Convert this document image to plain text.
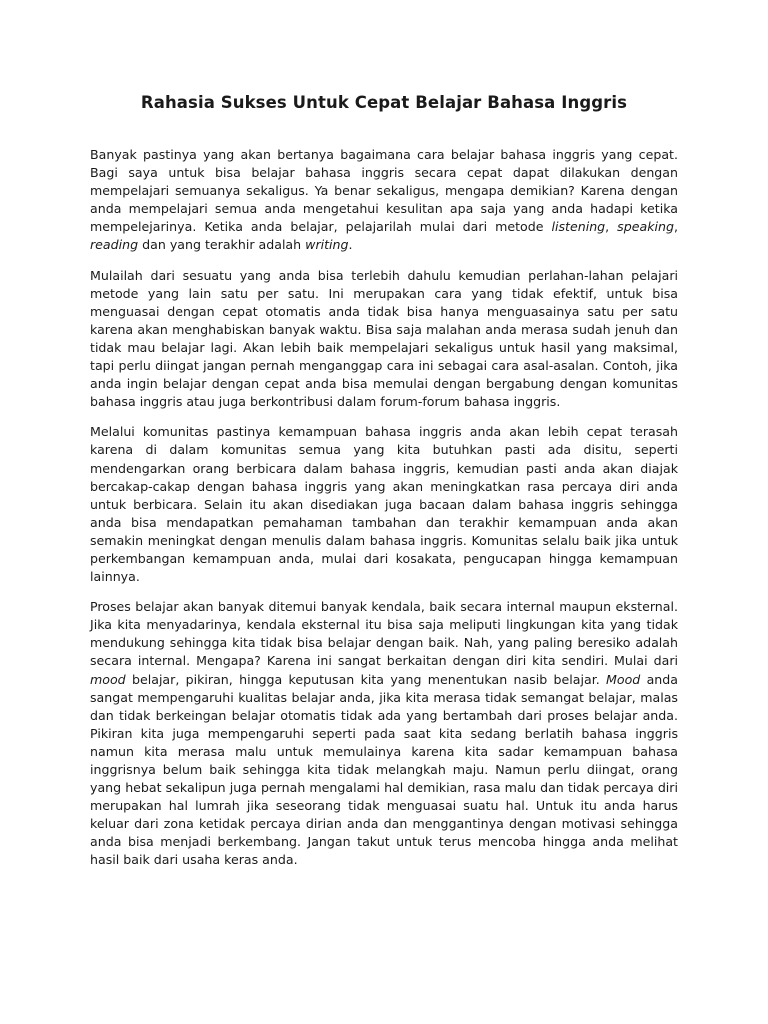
Rahasia Sukses Untuk Cepat Belajar Bahasa Inggris

Banyak pastinya yang akan bertanya bagaimana cara belajar bahasa inggris yang cepat. Bagi saya untuk bisa belajar bahasa inggris secara cepat dapat dilakukan dengan mempelajari semuanya sekaligus. Ya benar sekaligus, mengapa demikian? Karena dengan anda mempelajari semua anda mengetahui kesulitan apa saja yang anda hadapi ketika mempelejarinya. Ketika anda belajar, pelajarilah mulai dari metode listening, speaking, reading dan yang terakhir adalah writing.

Mulailah dari sesuatu yang anda bisa terlebih dahulu kemudian perlahan-lahan pelajari metode yang lain satu per satu. Ini merupakan cara yang tidak efektif, untuk bisa menguasai dengan cepat otomatis anda tidak bisa hanya menguasainya satu per satu karena akan menghabiskan banyak waktu. Bisa saja malahan anda merasa sudah jenuh dan tidak mau belajar lagi. Akan lebih baik mempelajari sekaligus untuk hasil yang maksimal, tapi perlu diingat jangan pernah menganggap cara ini sebagai cara asal-asalan. Contoh, jika anda ingin belajar dengan cepat anda bisa memulai dengan bergabung dengan komunitas bahasa inggris atau juga berkontribusi dalam forum-forum bahasa inggris.

Melalui komunitas pastinya kemampuan bahasa inggris anda akan lebih cepat terasah karena di dalam komunitas semua yang kita butuhkan pasti ada disitu, seperti mendengarkan orang berbicara dalam bahasa inggris, kemudian pasti anda akan diajak bercakap-cakap dengan bahasa inggris yang akan meningkatkan rasa percaya diri anda untuk berbicara. Selain itu akan disediakan juga bacaan dalam bahasa inggris sehingga anda bisa mendapatkan pemahaman tambahan dan terakhir kemampuan anda akan semakin meningkat dengan menulis dalam bahasa inggris. Komunitas selalu baik jika untuk perkembangan kemampuan anda, mulai dari kosakata, pengucapan hingga kemampuan lainnya.

Proses belajar akan banyak ditemui banyak kendala, baik secara internal maupun eksternal. Jika kita menyadarinya, kendala eksternal itu bisa saja meliputi lingkungan kita yang tidak mendukung sehingga kita tidak bisa belajar dengan baik. Nah, yang paling beresiko adalah secara internal. Mengapa? Karena ini sangat berkaitan dengan diri kita sendiri. Mulai dari mood belajar, pikiran, hingga keputusan kita yang menentukan nasib belajar. Mood anda sangat mempengaruhi kualitas belajar anda, jika kita merasa tidak semangat belajar, malas dan tidak berkeingan belajar otomatis tidak ada yang bertambah dari proses belajar anda. Pikiran kita juga mempengaruhi seperti pada saat kita sedang berlatih bahasa inggris namun kita merasa malu untuk memulainya karena kita sadar kemampuan bahasa inggrisnya belum baik sehingga kita tidak melangkah maju. Namun perlu diingat, orang yang hebat sekalipun juga pernah mengalami hal demikian, rasa malu dan tidak percaya diri merupakan hal lumrah jika seseorang tidak menguasai suatu hal. Untuk itu anda harus keluar dari zona ketidak percaya dirian anda dan menggantinya dengan motivasi sehingga anda bisa menjadi berkembang. Jangan takut untuk terus mencoba hingga anda melihat hasil baik dari usaha keras anda.
